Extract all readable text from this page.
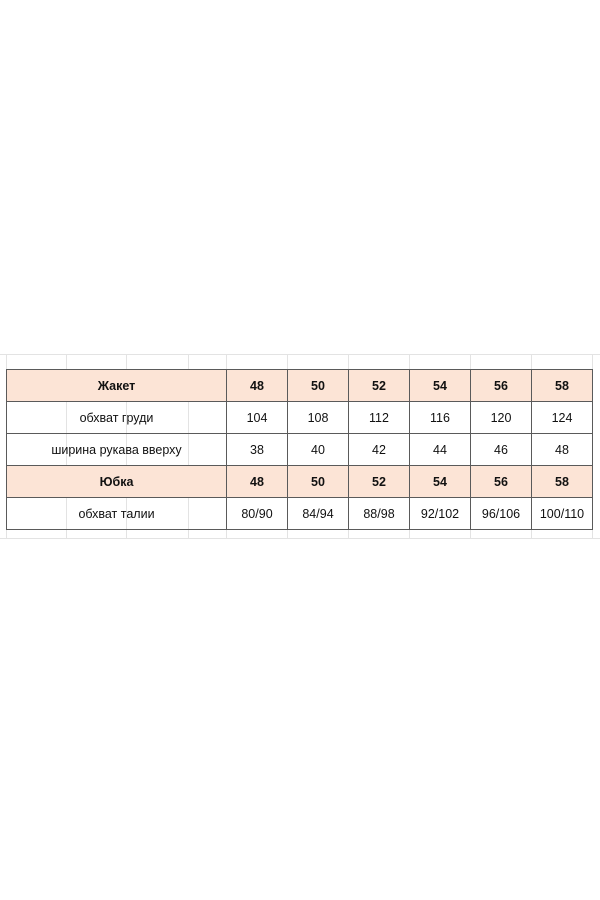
Жакет	48	50	52	54	56	58
обхват груди	104	108	112	116	120	124
ширина рукава вверху	38	40	42	44	46	48
Юбка	48	50	52	54	56	58
обхват талии	80/90	84/94	88/98	92/102	96/106	100/110
